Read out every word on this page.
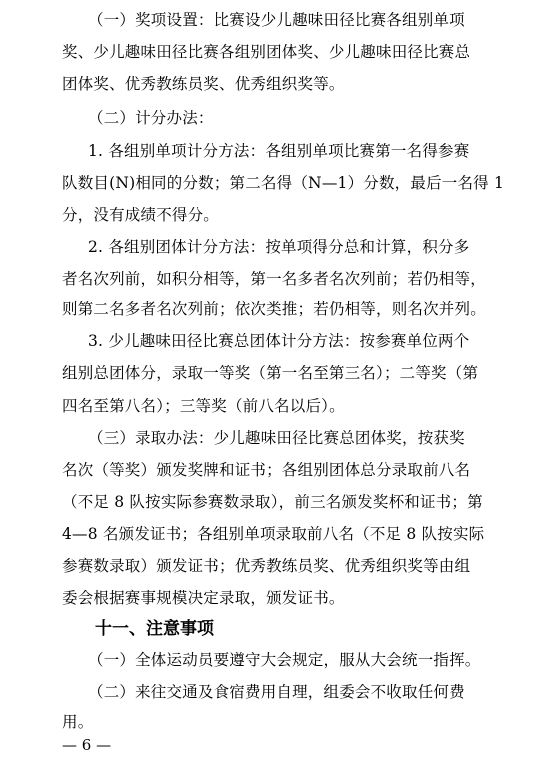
（一）奖项设置：比赛设少儿趣味田径比赛各组别单项
奖、少儿趣味田径比赛各组别团体奖、少儿趣味田径比赛总
团体奖、优秀教练员奖、优秀组织奖等。
（二）计分办法：
1. 各组别单项计分方法：各组别单项比赛第一名得参赛
队数目(N)相同的分数；第二名得（N—1）分数，最后一名得 1
分，没有成绩不得分。
2. 各组别团体计分方法：按单项得分总和计算，积分多
者名次列前，如积分相等，第一名多者名次列前；若仍相等，
则第二名多者名次列前；依次类推；若仍相等，则名次并列。
3. 少儿趣味田径比赛总团体计分方法：按参赛单位两个
组别总团体分，录取一等奖（第一名至第三名）；二等奖（第
四名至第八名）；三等奖（前八名以后）。
（三）录取办法：少儿趣味田径比赛总团体奖，按获奖
名次（等奖）颁发奖牌和证书；各组别团体总分录取前八名
（不足 8 队按实际参赛数录取），前三名颁发奖杯和证书；第
4—8 名颁发证书；各组别单项录取前八名（不足 8 队按实际
参赛数录取）颁发证书；优秀教练员奖、优秀组织奖等由组
委会根据赛事规模决定录取，颁发证书。
十一、注意事项
（一）全体运动员要遵守大会规定，服从大会统一指挥。
（二）来往交通及食宿费用自理，组委会不收取任何费
用。
— 6 —
